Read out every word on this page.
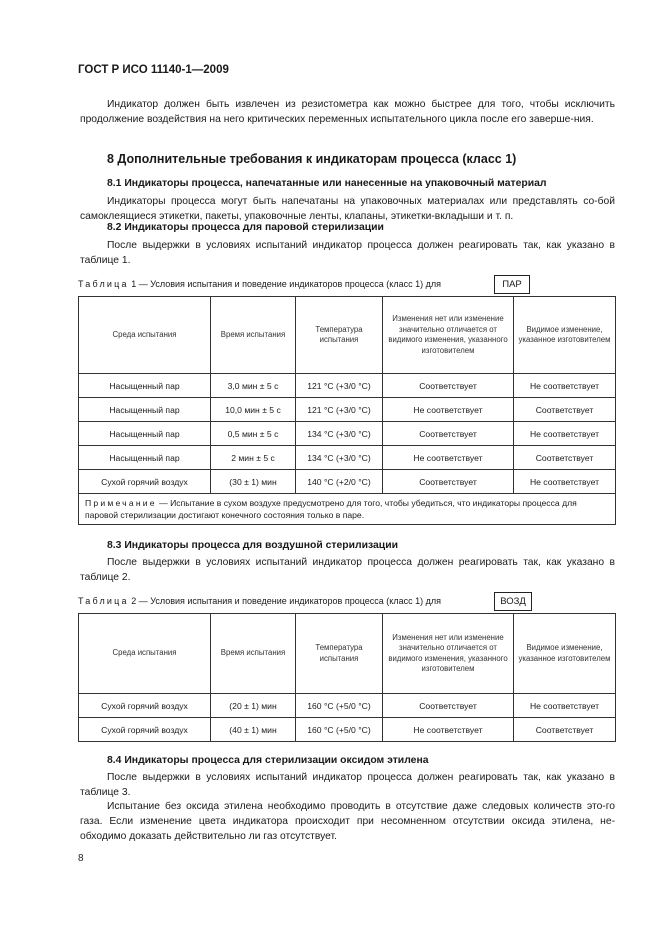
ГОСТ Р ИСО 11140-1—2009
Индикатор должен быть извлечен из резистометра как можно быстрее для того, чтобы исключить продолжение воздействия на него критических переменных испытательного цикла после его заверше-ния.
8 Дополнительные требования к индикаторам процесса (класс 1)
8.1 Индикаторы процесса, напечатанные или нанесенные на упаковочный материал
Индикаторы процесса могут быть напечатаны на упаковочных материалах или представлять со-бой самоклеящиеся этикетки, пакеты, упаковочные ленты, клапаны, этикетки-вкладыши и т. п.
8.2 Индикаторы процесса для паровой стерилизации
После выдержки в условиях испытаний индикатор процесса должен реагировать так, как указано в таблице 1.
Таблица 1 — Условия испытания и поведение индикаторов процесса (класс 1) для	ПАР
Среда испытания	Время испытания	Температура испытания	Изменения нет или изменение значительно отличается от видимого изменения, указанного изготовителем	Видимое изменение, указанное изготовителем
Насыщенный пар	3,0 мин ± 5 с	121 °С (+3/0 °С)	Соответствует	Не соответствует
Насыщенный пар	10,0 мин ± 5 с	121 °С (+3/0 °С)	Не соответствует	Соответствует
Насыщенный пар	0,5 мин ± 5 с	134 °С (+3/0 °С)	Соответствует	Не соответствует
Насыщенный пар	2 мин ± 5 с	134 °С (+3/0 °С)	Не соответствует	Соответствует
Сухой горячий воздух	(30 ± 1) мин	140 °С (+2/0 °С)	Соответствует	Не соответствует
Примечание — Испытание в сухом воздухе предусмотрено для того, чтобы убедиться, что индикаторы процесса для паровой стерилизации достигают конечного состояния только в паре.				
8.3 Индикаторы процесса для воздушной стерилизации
После выдержки в условиях испытаний индикатор процесса должен реагировать так, как указано в таблице 2.
Таблица 2 — Условия испытания и поведение индикаторов процесса (класс 1) для	ВОЗД
Среда испытания	Время испытания	Температура испытания	Изменения нет или изменение значительно отличается от видимого изменения, указанного изготовителем	Видимое изменение, указанное изготовителем
Сухой горячий воздух	(20 ± 1) мин	160 °С (+5/0 °С)	Соответствует	Не соответствует
Сухой горячий воздух	(40 ± 1) мин	160 °С (+5/0 °С)	Не соответствует	Соответствует
8.4 Индикаторы процесса для стерилизации оксидом этилена
После выдержки в условиях испытаний индикатор процесса должен реагировать так, как указано в таблице 3.
Испытание без оксида этилена необходимо проводить в отсутствие даже следовых количеств это-го газа. Если изменение цвета индикатора происходит при несомненном отсутствии оксида этилена, не-обходимо доказать действительно ли газ отсутствует.
8
